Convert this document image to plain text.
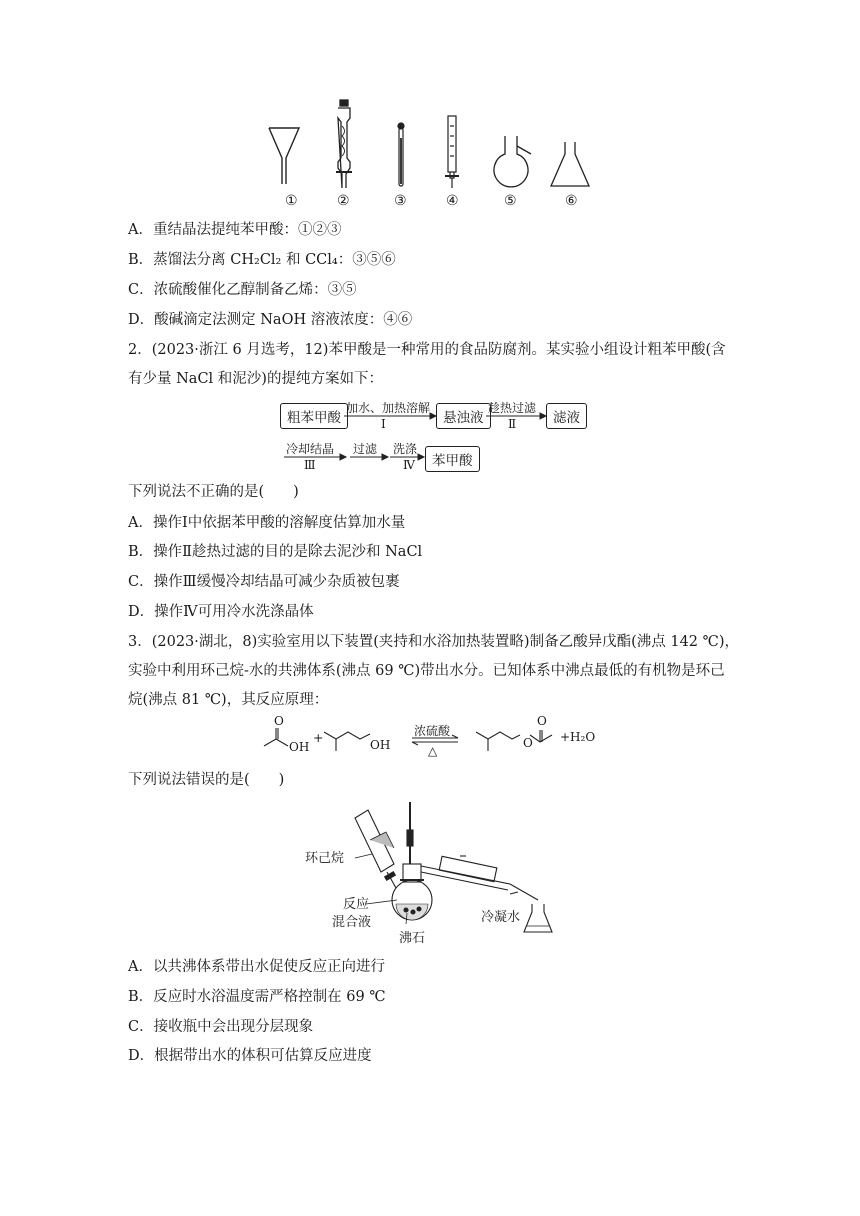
①	②	③	④	⑤	⑥
A．重结晶法提纯苯甲酸：①②③
B．蒸馏法分离 CH₂Cl₂ 和 CCl₄：③⑤⑥
C．浓硫酸催化乙醇制备乙烯：③⑤
D．酸碱滴定法测定 NaOH 溶液浓度：④⑥
2．(2023·浙江 6 月选考，12)苯甲酸是一种常用的食品防腐剂。某实验小组设计粗苯甲酸(含
有少量 NaCl 和泥沙)的提纯方案如下：
粗苯甲酸
加水、加热溶解
Ⅰ	悬浊液
趁热过滤
Ⅱ	滤液
冷却结晶
Ⅲ
过滤 洗涤
Ⅳ	苯甲酸
下列说法不正确的是(　　)
A．操作Ⅰ中依据苯甲酸的溶解度估算加水量
B．操作Ⅱ趁热过滤的目的是除去泥沙和 NaCl
C．操作Ⅲ缓慢冷却结晶可减少杂质被包裹
D．操作Ⅳ可用冷水洗涤晶体
3．(2023·湖北，8)实验室用以下装置(夹持和水浴加热装置略)制备乙酸异戊酯(沸点 142 ℃)，
实验中利用环己烷-水的共沸体系(沸点 69 ℃)带出水分。已知体系中沸点最低的有机物是环己
烷(沸点 81 ℃)，其反应原理：
O
OH
+	OH
浓硫酸
△
O
O
+H₂O
下列说法错误的是(　　)
环己烷
反应
混合液
沸石
冷凝水
A．以共沸体系带出水促使反应正向进行
B．反应时水浴温度需严格控制在 69 ℃
C．接收瓶中会出现分层现象
D．根据带出水的体积可估算反应进度
